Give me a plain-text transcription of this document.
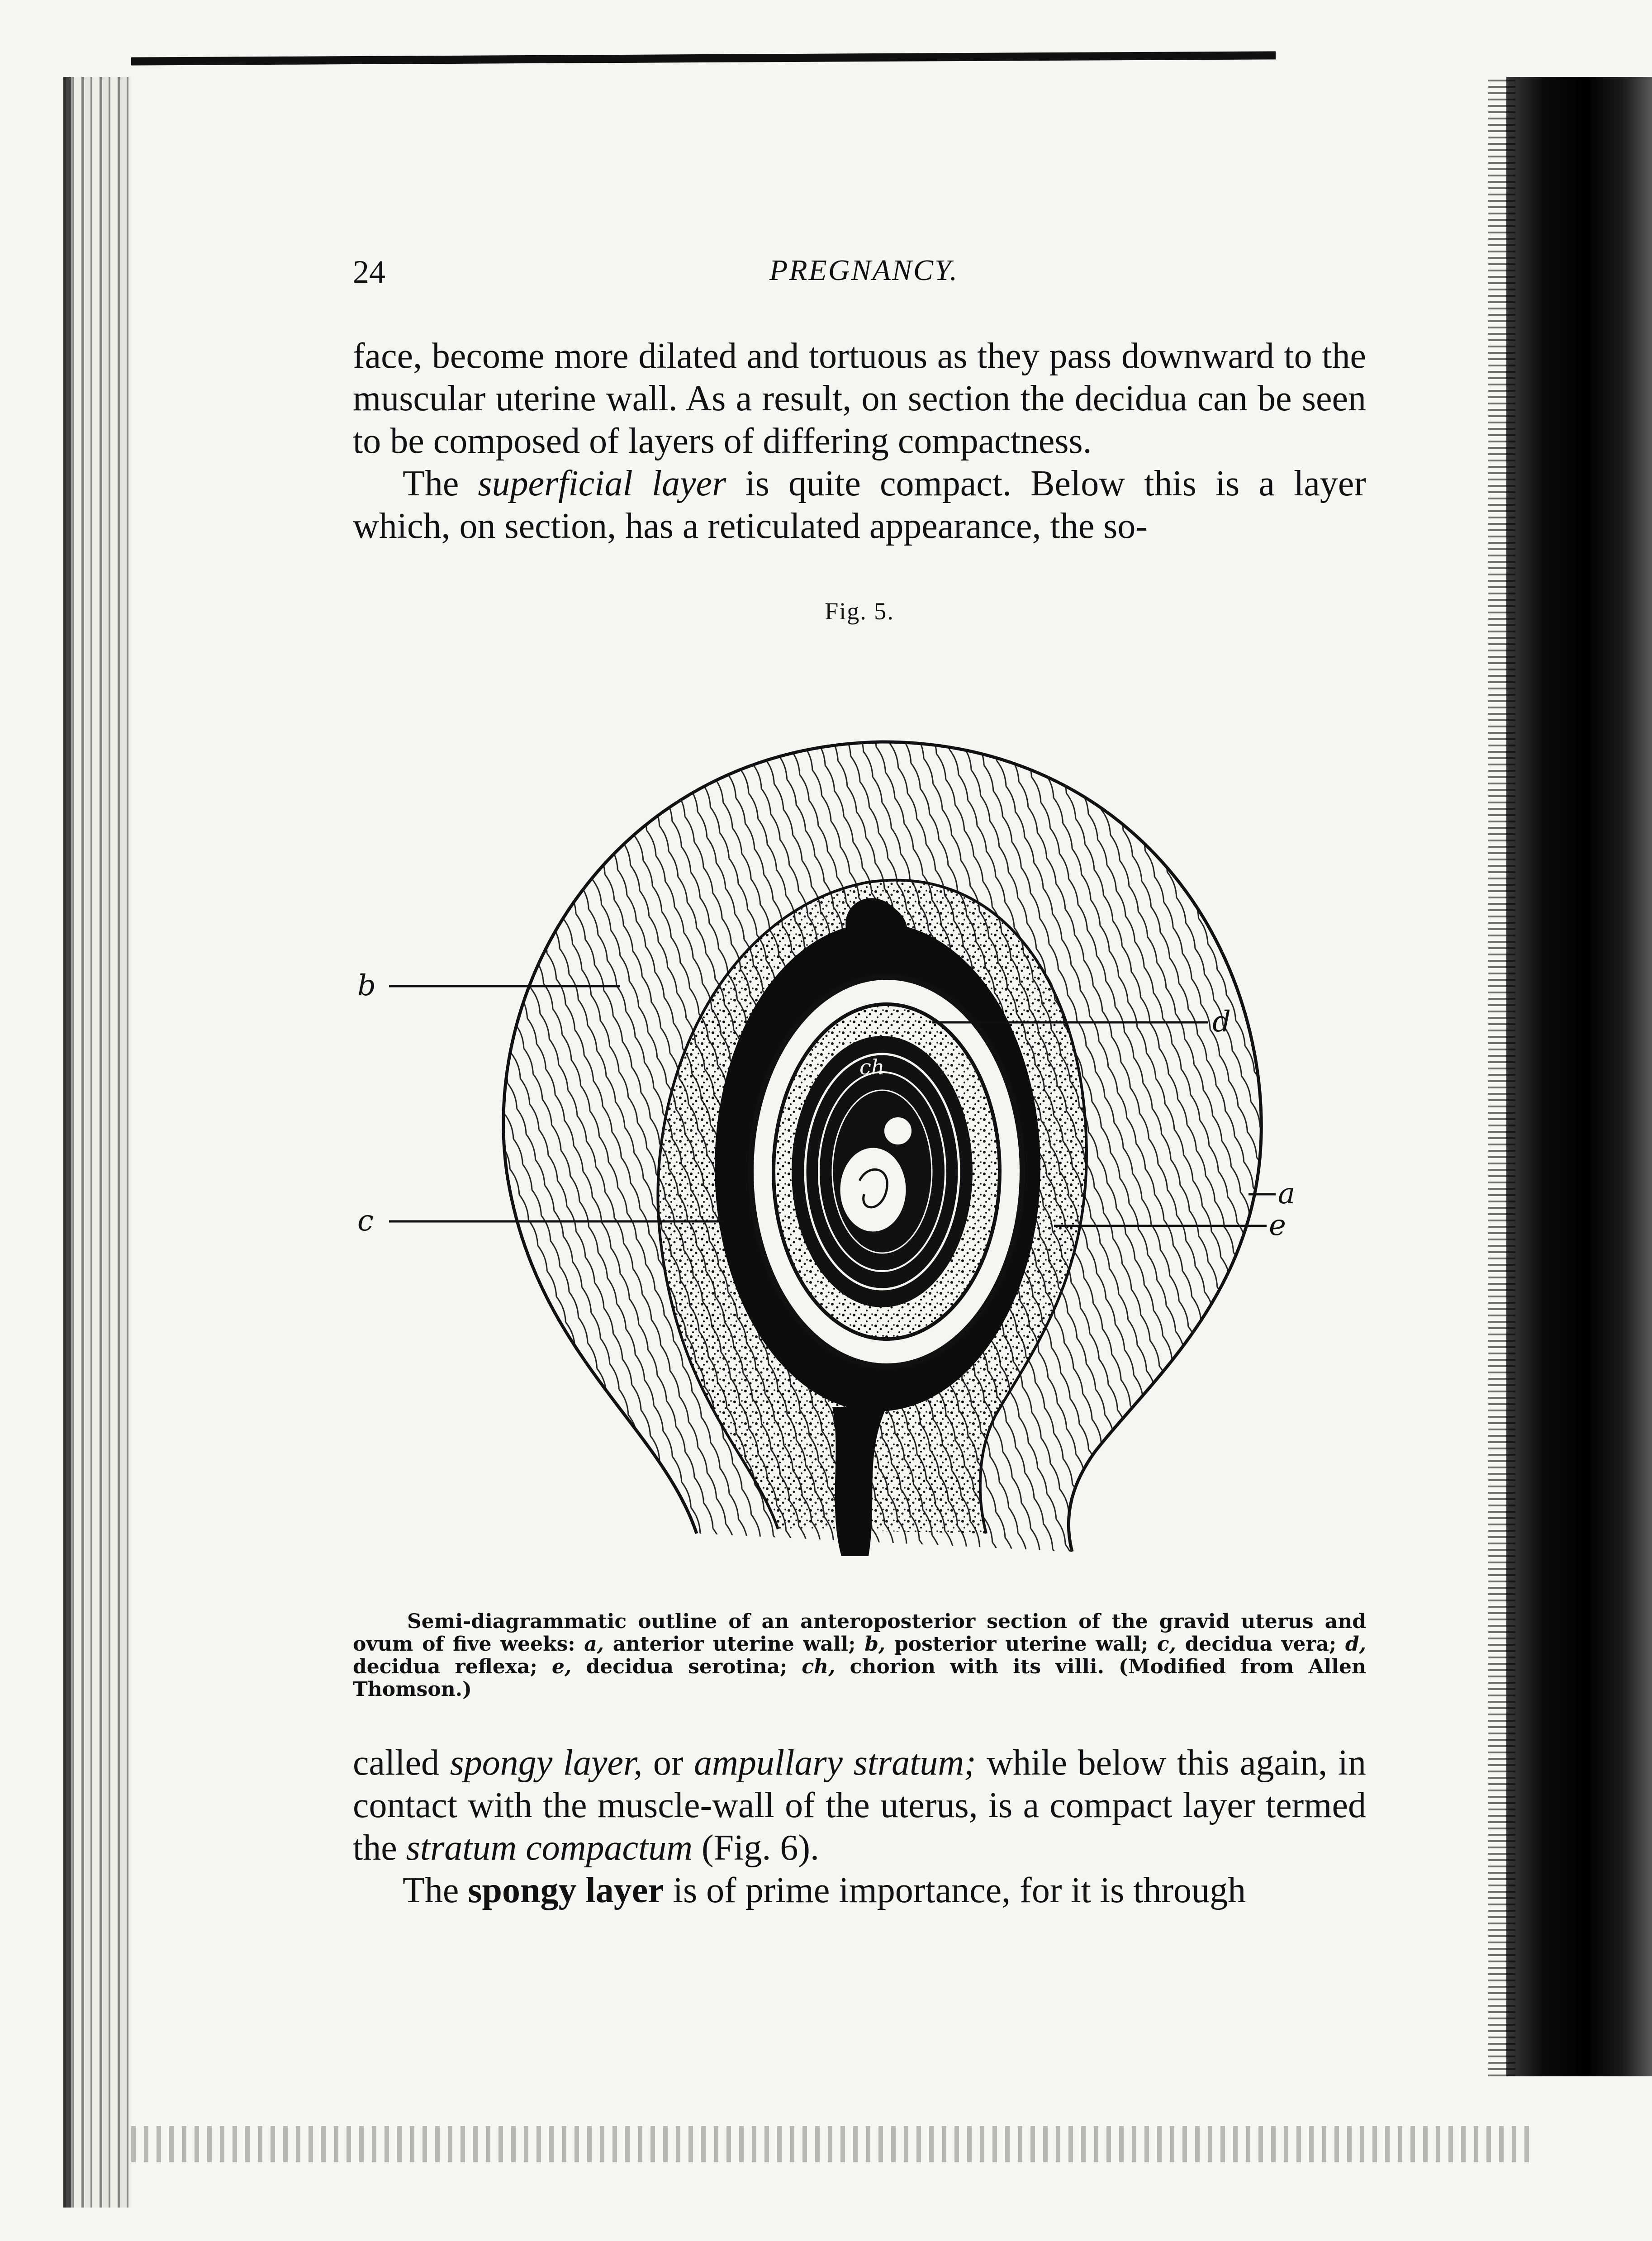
24	PREGNANCY.

face, become more dilated and tortuous as they pass downward to the muscular uterine wall. As a result, on section the decidua can be seen to be composed of layers of differing compactness.

The superficial layer is quite compact. Below this is a layer which, on section, has a reticulated appearance, the so-

Fig. 5.
b
c
d
a
e
ch

Semi-diagrammatic outline of an anteroposterior section of the gravid uterus and ovum of five weeks: a, anterior uterine wall; b, posterior uterine wall; c, decidua vera; d, decidua reflexa; e, decidua serotina; ch, chorion with its villi. (Modified from Allen Thomson.)

called spongy layer, or ampullary stratum; while below this again, in contact with the muscle-wall of the uterus, is a compact layer termed the stratum compactum (Fig. 6).

The spongy layer is of prime importance, for it is through
